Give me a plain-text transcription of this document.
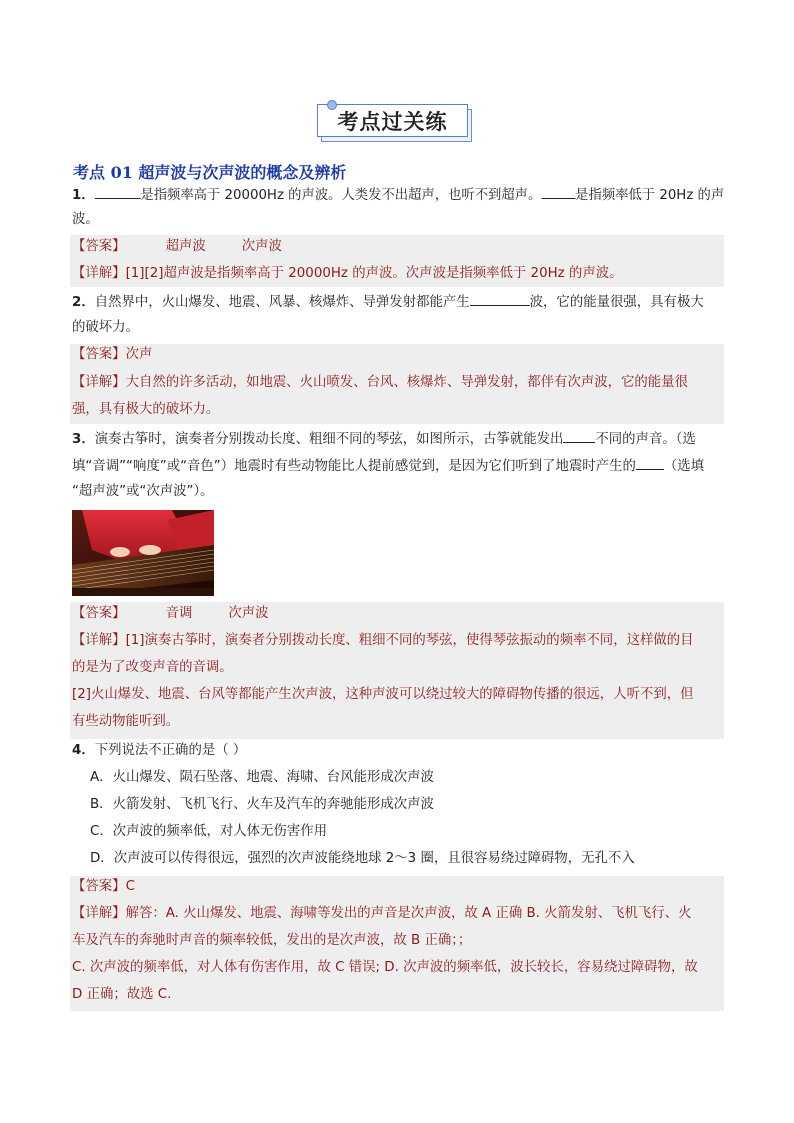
考点过关练
考点 01 超声波与次声波的概念及辨析
1．	是指频率高于 20000Hz 的声波。人类发不出超声，也听不到超声。	是指频率低于 20Hz 的声
波。
【答案】	超声波	次声波
【详解】[1][2]超声波是指频率高于 20000Hz 的声波。次声波是指频率低于 20Hz 的声波。
2．自然界中，火山爆发、地震、风暴、核爆炸、导弹发射都能产生	波，它的能量很强，具有极大
的破坏力。
【答案】次声
【详解】大自然的许多活动，如地震、火山喷发、台风、核爆炸、导弹发射，都伴有次声波，它的能量很
强，具有极大的破坏力。
3．演奏古筝时，演奏者分别拨动长度、粗细不同的琴弦，如图所示，古筝就能发出 不同的声音。（选
填“音调”“响度”或“音色”）地震时有些动物能比人提前感觉到，是因为它们听到了地震时产生的 （选填
“超声波”或“次声波”）。
【答案】	音调	次声波
【详解】[1]演奏古筝时，演奏者分别拨动长度、粗细不同的琴弦，使得琴弦振动的频率不同，这样做的目
的是为了改变声音的音调。
[2]火山爆发、地震、台风等都能产生次声波，这种声波可以绕过较大的障碍物传播的很远，人听不到，但
有些动物能听到。
4．下列说法不正确的是（ ）
A．火山爆发、陨石坠落、地震、海啸、台风能形成次声波
B．火箭发射、飞机飞行、火车及汽车的奔驰能形成次声波
C．次声波的频率低，对人体无伤害作用
D．次声波可以传得很远，强烈的次声波能绕地球 2～3 圈，且很容易绕过障碍物，无孔不入
【答案】C
【详解】解答：A. 火山爆发、地震、海啸等发出的声音是次声波，故 A 正确 B. 火箭发射、飞机飞行、火
车及汽车的奔驰时声音的频率较低，发出的是次声波，故 B 正确；；
C. 次声波的频率低，对人体有伤害作用，故 C 错误; D. 次声波的频率低，波长较长，容易绕过障碍物，故
D 正确；故选 C.
